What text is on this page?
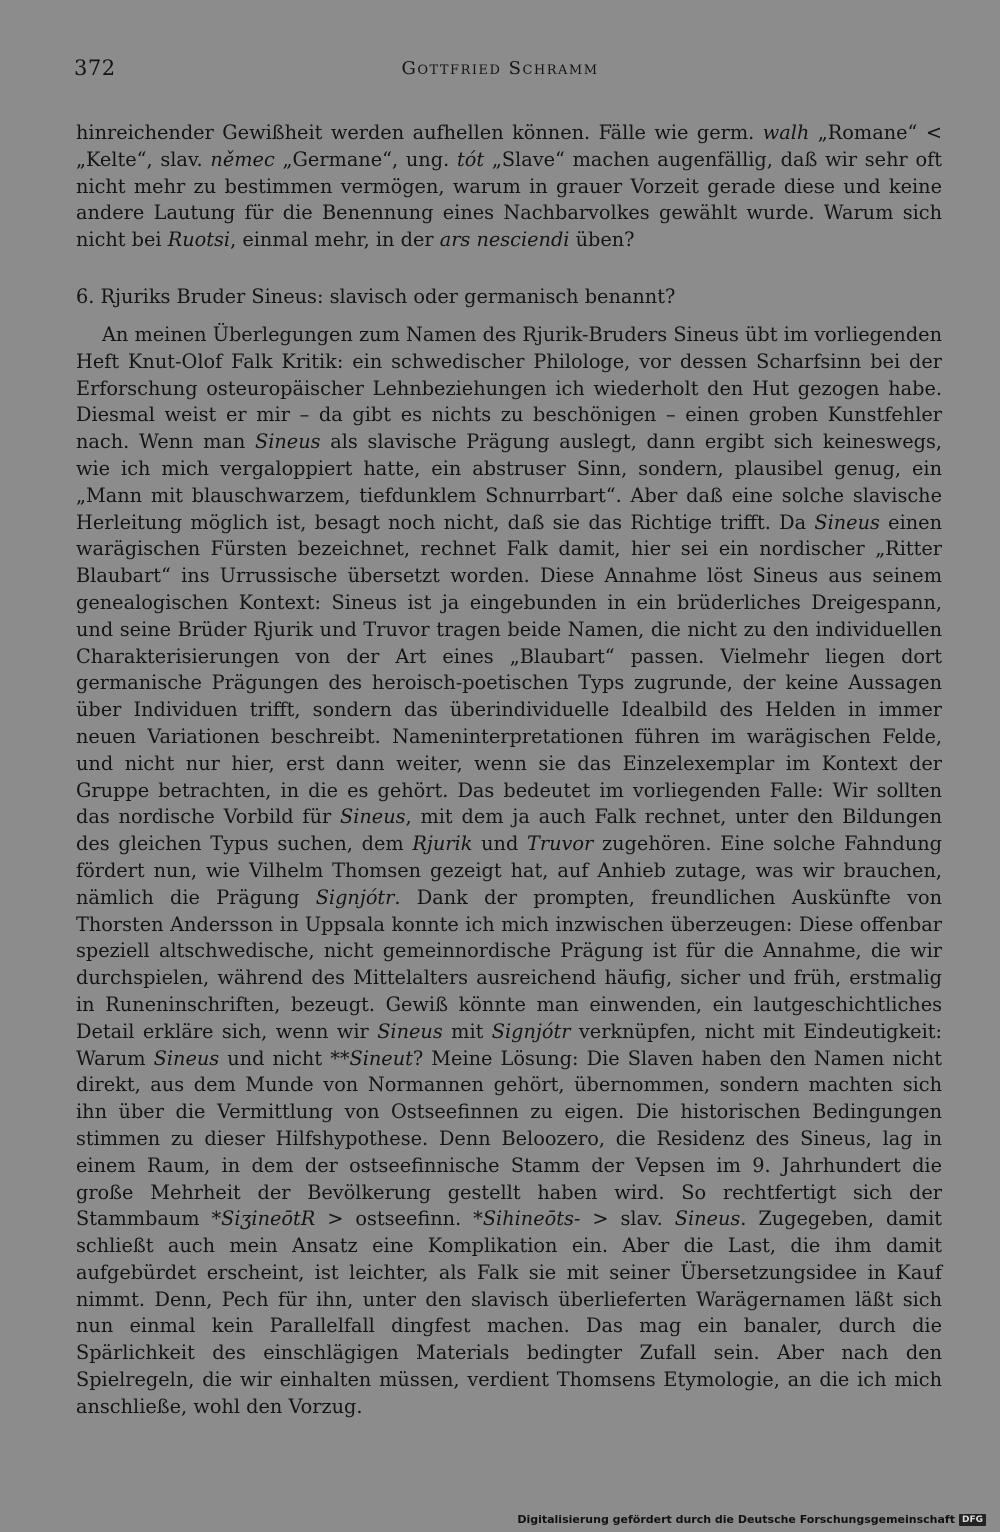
372	Gottfried Schramm
hinreichender Gewißheit werden aufhellen können. Fälle wie germ. walh „Romane“ < „Kelte“, slav. němec „Germane“, ung. tót „Slave“ machen augenfällig, daß wir sehr oft nicht mehr zu bestimmen vermögen, warum in grauer Vorzeit gerade diese und keine andere Lautung für die Benennung eines Nachbarvolkes gewählt wurde. Warum sich nicht bei Ruotsi, einmal mehr, in der ars nesciendi üben?
6. Rjuriks Bruder Sineus: slavisch oder germanisch benannt?
An meinen Überlegungen zum Namen des Rjurik-Bruders Sineus übt im vorliegenden Heft Knut-Olof Falk Kritik: ein schwedischer Philologe, vor dessen Scharfsinn bei der Erforschung osteuropäischer Lehnbeziehungen ich wiederholt den Hut gezogen habe. Diesmal weist er mir – da gibt es nichts zu beschönigen – einen groben Kunstfehler nach. Wenn man Sineus als slavische Prägung auslegt, dann ergibt sich keineswegs, wie ich mich vergaloppiert hatte, ein abstruser Sinn, sondern, plausibel genug, ein „Mann mit blauschwarzem, tiefdunklem Schnurrbart“. Aber daß eine solche slavische Herleitung möglich ist, besagt noch nicht, daß sie das Richtige trifft. Da Sineus einen warägischen Fürsten bezeichnet, rechnet Falk damit, hier sei ein nordischer „Ritter Blaubart“ ins Urrussische übersetzt worden. Diese Annahme löst Sineus aus seinem genealogischen Kontext: Sineus ist ja eingebunden in ein brüderliches Dreigespann, und seine Brüder Rjurik und Truvor tragen beide Namen, die nicht zu den individuellen Charakterisierungen von der Art eines „Blaubart“ passen. Vielmehr liegen dort germanische Prägungen des heroisch-poetischen Typs zugrunde, der keine Aussagen über Individuen trifft, sondern das überindividuelle Idealbild des Helden in immer neuen Variationen beschreibt. Nameninterpretationen führen im warägischen Felde, und nicht nur hier, erst dann weiter, wenn sie das Einzelexemplar im Kontext der Gruppe betrachten, in die es gehört. Das bedeutet im vorliegenden Falle: Wir sollten das nordische Vorbild für Sineus, mit dem ja auch Falk rechnet, unter den Bildungen des gleichen Typus suchen, dem Rjurik und Truvor zugehören. Eine solche Fahndung fördert nun, wie Vilhelm Thomsen gezeigt hat, auf Anhieb zutage, was wir brauchen, nämlich die Prägung Signjótr. Dank der prompten, freundlichen Auskünfte von Thorsten Andersson in Uppsala konnte ich mich inzwischen überzeugen: Diese offenbar speziell altschwedische, nicht gemeinnordische Prägung ist für die Annahme, die wir durchspielen, während des Mittelalters ausreichend häufig, sicher und früh, erstmalig in Runeninschriften, bezeugt. Gewiß könnte man einwenden, ein lautgeschichtliches Detail erkläre sich, wenn wir Sineus mit Signjótr verknüpfen, nicht mit Eindeutigkeit: Warum Sineus und nicht **Sineut? Meine Lösung: Die Slaven haben den Namen nicht direkt, aus dem Munde von Normannen gehört, übernommen, sondern machten sich ihn über die Vermittlung von Ostseefinnen zu eigen. Die historischen Bedingungen stimmen zu dieser Hilfshypothese. Denn Beloozero, die Residenz des Sineus, lag in einem Raum, in dem der ostseefinnische Stamm der Vepsen im 9. Jahrhundert die große Mehrheit der Bevölkerung gestellt haben wird. So rechtfertigt sich der Stammbaum *SiʒineōtR > ostseefinn. *Sihineōts- > slav. Sineus. Zugegeben, damit schließt auch mein Ansatz eine Komplikation ein. Aber die Last, die ihm damit aufgebürdet erscheint, ist leichter, als Falk sie mit seiner Übersetzungsidee in Kauf nimmt. Denn, Pech für ihn, unter den slavisch überlieferten Warägernamen läßt sich nun einmal kein Parallelfall dingfest machen. Das mag ein banaler, durch die Spärlichkeit des einschlägigen Materials bedingter Zufall sein. Aber nach den Spielregeln, die wir einhalten müssen, verdient Thomsens Etymologie, an die ich mich anschließe, wohl den Vorzug.
Digitalisierung gefördert durch die Deutsche Forschungsgemeinschaft DFG
